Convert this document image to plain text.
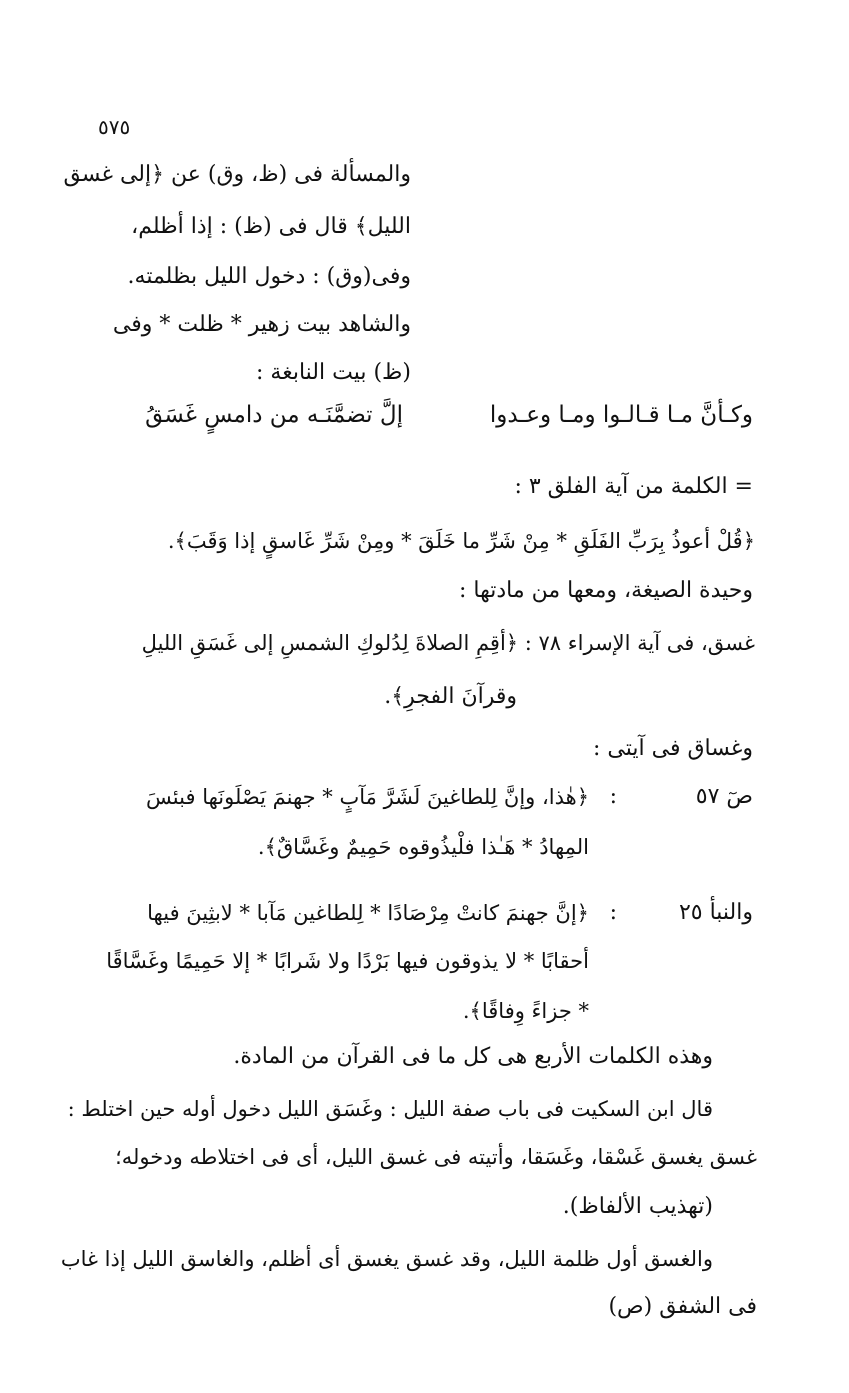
٥٧٥
والمسألة فى (ظ، وق) عن ﴿إلى غسق
الليل﴾ قال فى (ظ) : إذا أظلم،
وفى(وق) : دخول الليل بظلمته.
والشاهد بيت زهير * ظلت * وفى
(ظ) بيت النابغة :
وكـأنَّ مـا قـالـوا ومـا وعـدوا
إلَّ تضمَّنَـه من دامسٍ غَسَقُ
= الكلمة من آية الفلق ٣ :
﴿قُلْ أعوذُ بِرَبِّ الفَلَقِ * مِنْ شَرِّ ما خَلَقَ * ومِنْ شَرِّ غَاسقٍ إذا وَقَبَ﴾.
وحيدة الصيغة، ومعها من مادتها :
غسق، فى آية الإسراء ٧٨ : ﴿أقِمِ الصلاةَ لِدُلوكِ الشمسِ إلى غَسَقِ الليلِ
وقرآنَ الفجرِ﴾.
وغساق فى آيتى :
صٓ ٥٧
:
﴿هٰذا، وإنَّ لِلطاغينَ لَشَرَّ مَآبٍ * جهنمَ يَصْلَونَها فبئسَ
المِهادُ * هَـٰذا فلْيذُوقوه حَمِيمٌ وغَسَّاقٌ﴾.
والنبأ ٢٥
:
﴿إنَّ جهنمَ كانتْ مِرْصَادًا * لِلطاغين مَآبا * لابثِينَ فيها
أحقابًا * لا يذوقون فيها بَرْدًا ولا شَرابًا * إلا حَمِيمًا وغَسَّاقًا
* جزاءً وِفاقًا﴾.
وهذه الكلمات الأربع هى كل ما فى القرآن من المادة.
قال ابن السكيت فى باب صفة الليل : وغَسَق الليل دخول أوله حين اختلط :
غسق يغسق غَسْقا، وغَسَقا، وأتيته فى غسق الليل، أى فى اختلاطه ودخوله؛
(تهذيب الألفاظ).
والغسق أول ظلمة الليل، وقد غسق يغسق أى أظلم، والغاسق الليل إذا غاب
فى الشفق (ص)
